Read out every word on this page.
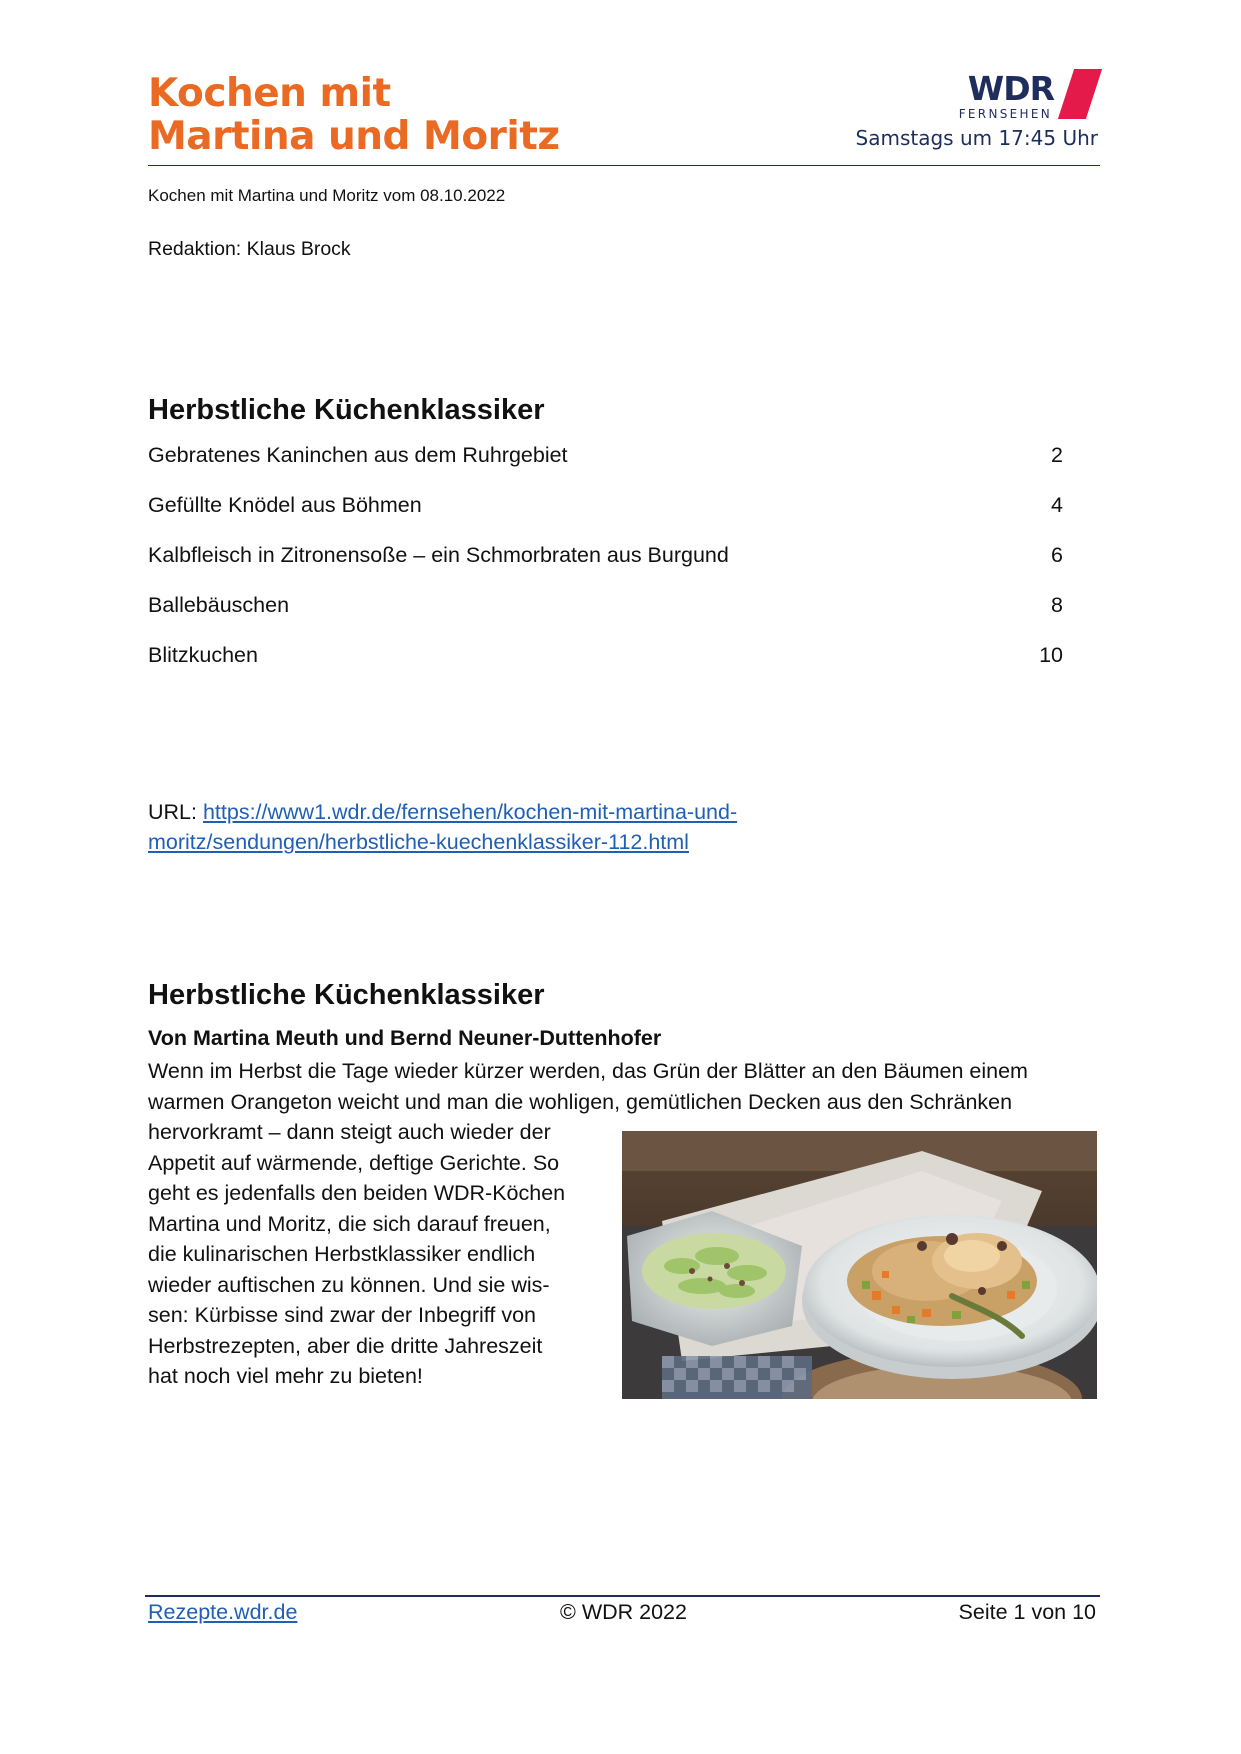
Kochen mit
Martina und Moritz
WDR
FERNSEHEN
Samstags um 17:45 Uhr
Kochen mit Martina und Moritz vom 08.10.2022
Redaktion: Klaus Brock
Herbstliche Küchenklassiker
Gebratenes Kaninchen aus dem Ruhrgebiet	2
Gefüllte Knödel aus Böhmen	4
Kalbfleisch in Zitronensoße – ein Schmorbraten aus Burgund	6
Ballebäuschen	8
Blitzkuchen	10
URL: https://www1.wdr.de/fernsehen/kochen-mit-martina-und-
moritz/sendungen/herbstliche-kuechenklassiker-112.html
Herbstliche Küchenklassiker
Von Martina Meuth und Bernd Neuner-Duttenhofer
Wenn im Herbst die Tage wieder kürzer werden, das Grün der Blätter an den Bäumen einem
warmen Orangeton weicht und man die wohligen, gemütlichen Decken aus den Schränken
hervorkramt – dann steigt auch wieder der
Appetit auf wärmende, deftige Gerichte. So
geht es jedenfalls den beiden WDR-Köchen
Martina und Moritz, die sich darauf freuen,
die kulinarischen Herbstklassiker endlich
wieder auftischen zu können. Und sie wis-
sen: Kürbisse sind zwar der Inbegriff von
Herbstrezepten, aber die dritte Jahreszeit
hat noch viel mehr zu bieten!
Rezepte.wdr.de	© WDR 2022	Seite 1 von 10
